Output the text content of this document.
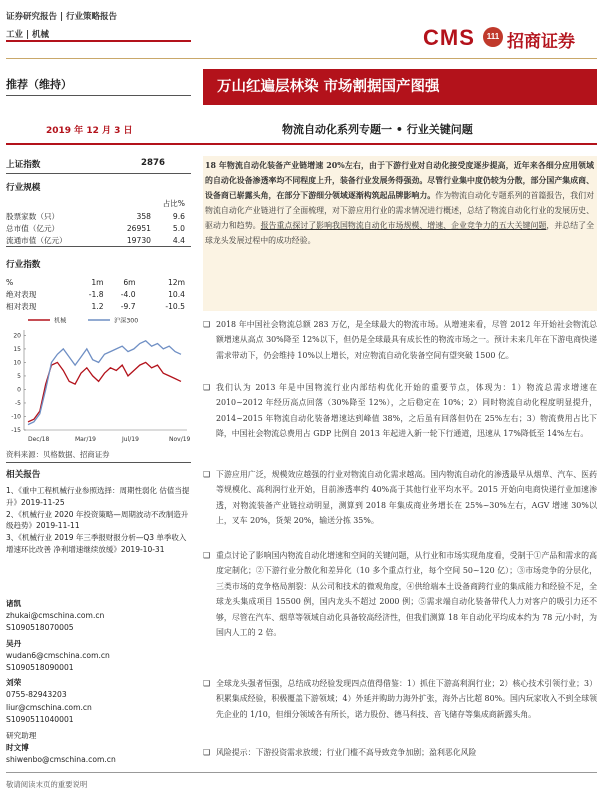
证券研究报告 | 行业策略报告
工业 | 机械	CMS	111 招商证券
推荐（维持）	万山红遍层林染 市场割据国产图强
2019 年 12 月 3 日	物流自动化系列专题一 • 行业关键问题
上证指数	2876
行业规模
占比%
股票家数（只）	358	9.6
总市值（亿元）	26951	5.0
流通市值（亿元）	19730	4.4
行业指数
%	1m	6m	12m
绝对表现	-1.8	-4.0	10.4
相对表现	1.2	-9.7	-10.5
机械	沪深300
20
15
10
5
0
-5
-10
-15
Dec/18	Mar/19	Jul/19	Nov/19
资料来源：贝格数据、招商证券
相关报告
1、《重中工程机械行业参照选择：周期性弱化 估值当提升》2019-11-25
2、《机械行业 2020 年投资策略—周期波动不改制造升级趋势》2019-11-11
3、《机械行业 2019 年三季报财报分析—Q3 单季收入增速环比改善 净利增速继续放缓》2019-10-31
诸凯
zhukai@cmschina.com.cn
S1090518070005
吴丹
wudan6@cmschina.com.cn
S1090518090001
刘荣
0755-82943203
liur@cmschina.com.cn
S1090511040001
研究助理
时文博
shiwenbo@cmschina.com.cn
18 年物流自动化装备产业链增速 20%左右，由于下游行业对自动化接受度逐步提高，近年来各细分应用领域的自动化设备渗透率均不同程度上升，装备行业发展务得强劲。尽管行业集中度仍较为分散，部分国产集成商、设备商已崭露头角，在部分下游细分领域逐渐构筑起品牌影响力。作为物流自动化专题系列的首篇报告，我们对物流自动化产业链进行了全面梳理，对下游应用行业的需求情况进行概述，总结了物流自动化行业的发展历史、驱动力和趋势。报告重点探讨了影响我国物流自动化市场规模、增速、企业竞争力的五大关键问题，并总结了全球龙头发展过程中的成功经验。
❑ 2018 年中国社会物流总额 283 万亿，是全球最大的物流市场。从增速来看，尽管 2012 年开始社会物流总额增速从高点 30%降至 12%以下，但仍是全球最具有成长性的物流市场之一。预计未来几年在下游电商快递需求带动下，仍会维持 10%以上增长，对应物流自动化装备空间有望突破 1500 亿。
❑ 我们认为 2013 年是中国物流行业内部结构优化开始的重要节点，体现为：1）物流总需求增速在 2010~2012 年经历高点回落（30%降至 12%），之后稳定在 10%；2）同时物流自动化程度明显提升，2014~2015 年物流自动化装备增速达到峰值 38%，之后虽有回落但仍在 25%左右；3）物流费用占比下降，中国社会物流总费用占 GDP 比例自 2013 年起进入新一轮下行通道，迅速从 17%降低至 14%左右。
❑ 下游应用广泛，规模效应越强的行业对物流自动化需求越高。国内物流自动化的渗透最早从烟草、汽车、医药等规模化、高利润行业开始，目前渗透率约 40%高于其他行业平均水平。2015 开始向电商快递行业加速渗透，对物流装备产业链拉动明显，测算到 2018 年集成商业务增长在 25%~30%左右，AGV 增速 30%以上，叉车 20%，货架 20%，输送分拣 35%。
❑ 重点讨论了影响国内物流自动化增速和空间的关键问题，从行业和市场实现角度看，受制于①产品和需求的高度定制化；②下游行业分散化和差异化（10 多个重点行业，每个空间 50~120 亿）；③市场竞争的分层化，三类市场的竞争格局割裂：从公司和技术的微观角度，④供给端本土设备商跨行业的集成能力和经验不足，全球龙头集成项目 15500 例，国内龙头不超过 2000 例；⑤需求端自动化装备带代人力对客户的吸引力还不够，尽管在汽车、烟草等领域自动化具备较高经济性，但我们测算 18 年自动化平均成本约为 78 元/小时，为国内人工的 2 倍。
❑ 全球龙头强者恒强，总结成功经验发现四点值得借鉴：1）抓住下游高利润行业；2）核心技术引领行业；3）积累集成经验，积极覆盖下游领域；4）外延并购助力海外扩张，海外占比超 80%。国内玩家收入不到全球领先企业的 1/10，但细分领域各有所长，诺力股份、德马科技、音飞储存等集成商新露头角。
❑ 风险提示：下游投资需求放缓；行业门槛不高导致竞争加剧；盈利恶化风险
敬请阅读末页的重要说明
